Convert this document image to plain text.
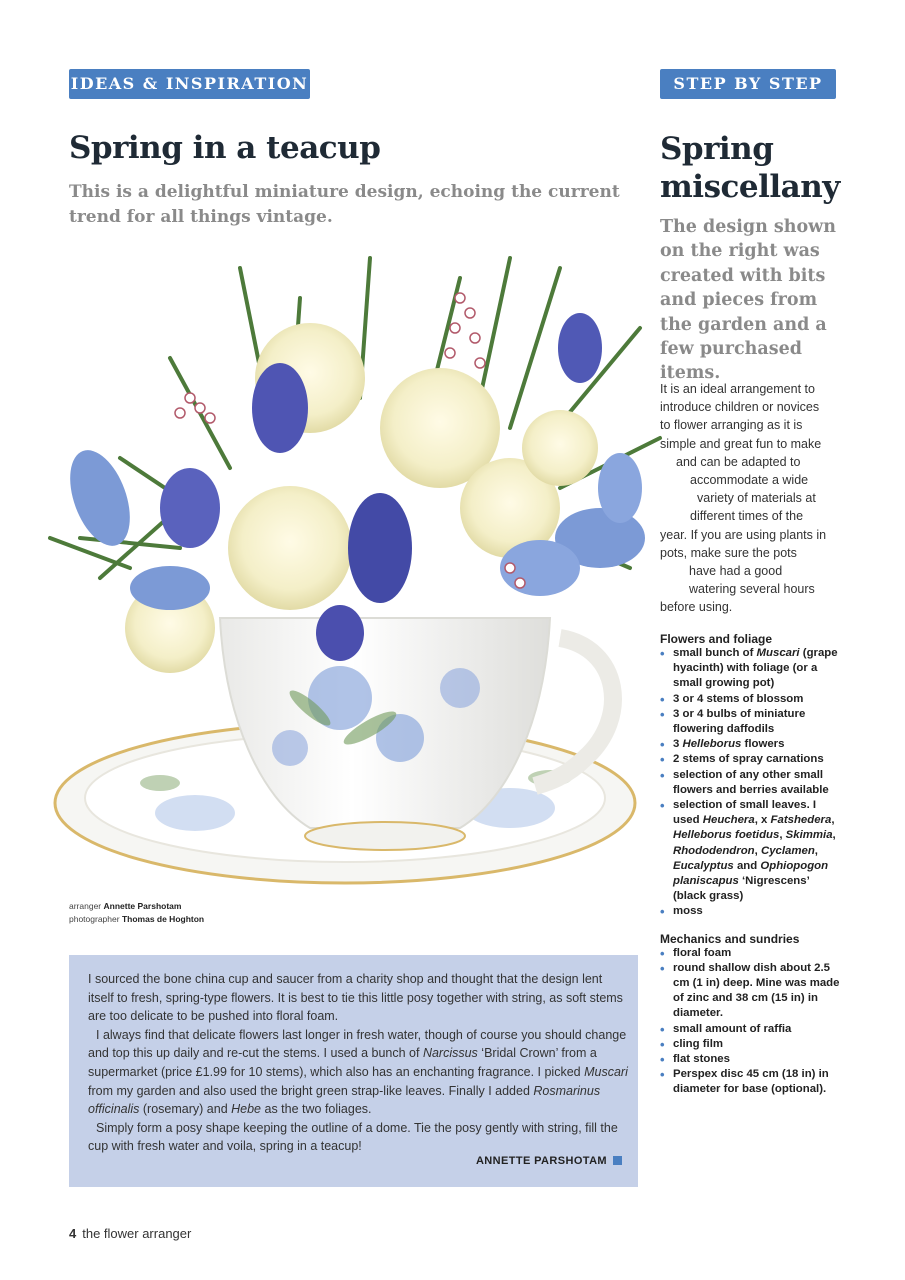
IDEAS & INSPIRATION	STEP BY STEP
Spring in a teacup
This is a delightful miniature design, echoing the current trend for all things vintage.
Spring
miscellany
The design shown on the right was created with bits and pieces from the garden and a few purchased items.
arranger Annette Parshotam
photographer Thomas de Hoghton
It is an ideal arrangement to
introduce children or novices
to flower arranging as it is
simple and great fun to make
and can be adapted to
accommodate a wide
variety of materials at
different times of the
year. If you are using plants in
pots, make sure the pots
have had a good
watering several hours
before using.
Flowers and foliage
• small bunch of Muscari (grape hyacinth) with foliage (or a small growing pot)
• 3 or 4 stems of blossom
• 3 or 4 bulbs of miniature flowering daffodils
• 3 Helleborus flowers
• 2 stems of spray carnations
• selection of any other small flowers and berries available
• selection of small leaves. I used Heuchera, x Fatshedera, Helleborus foetidus, Skimmia, Rhododendron, Cyclamen, Eucalyptus and Ophiopogon planiscapus ‘Nigrescens’ (black grass)
• moss
Mechanics and sundries
• floral foam
• round shallow dish about 2.5 cm (1 in) deep. Mine was made of zinc and 38 cm (15 in) in diameter.
• small amount of raffia
• cling film
• flat stones
• Perspex disc 45 cm (18 in) in diameter for base (optional).

I sourced the bone china cup and saucer from a charity shop and thought that the design lent itself to fresh, spring-type flowers. It is best to tie this little posy together with string, as soft stems are too delicate to be pushed into floral foam.

I always find that delicate flowers last longer in fresh water, though of course you should change and top this up daily and re-cut the stems. I used a bunch of Narcissus ‘Bridal Crown’ from a supermarket (price £1.99 for 10 stems), which also has an enchanting fragrance. I picked Muscari from my garden and also used the bright green strap-like leaves. Finally I added Rosmarinus officinalis (rosemary) and Hebe as the two foliages.

Simply form a posy shape keeping the outline of a dome. Tie the posy gently with string, fill the cup with fresh water and voila, spring in a teacup!

ANNETTE PARSHOTAM
4 the flower arranger
